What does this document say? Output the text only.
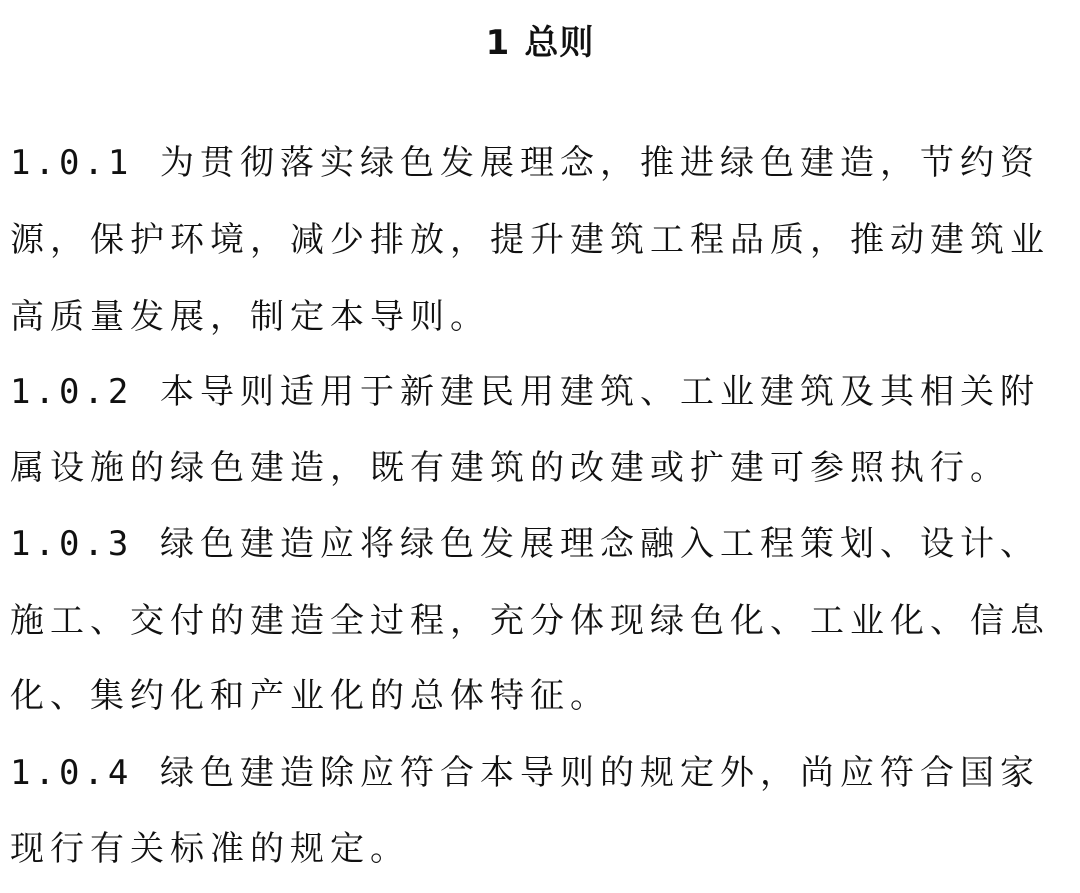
1 总则
1.0.1 为贯彻落实绿色发展理念，推进绿色建造，节约资
源，保护环境，减少排放，提升建筑工程品质，推动建筑业
高质量发展，制定本导则。
1.0.2 本导则适用于新建民用建筑、工业建筑及其相关附
属设施的绿色建造，既有建筑的改建或扩建可参照执行。
1.0.3 绿色建造应将绿色发展理念融入工程策划、设计、
施工、交付的建造全过程，充分体现绿色化、工业化、信息
化、集约化和产业化的总体特征。
1.0.4 绿色建造除应符合本导则的规定外，尚应符合国家
现行有关标准的规定。
